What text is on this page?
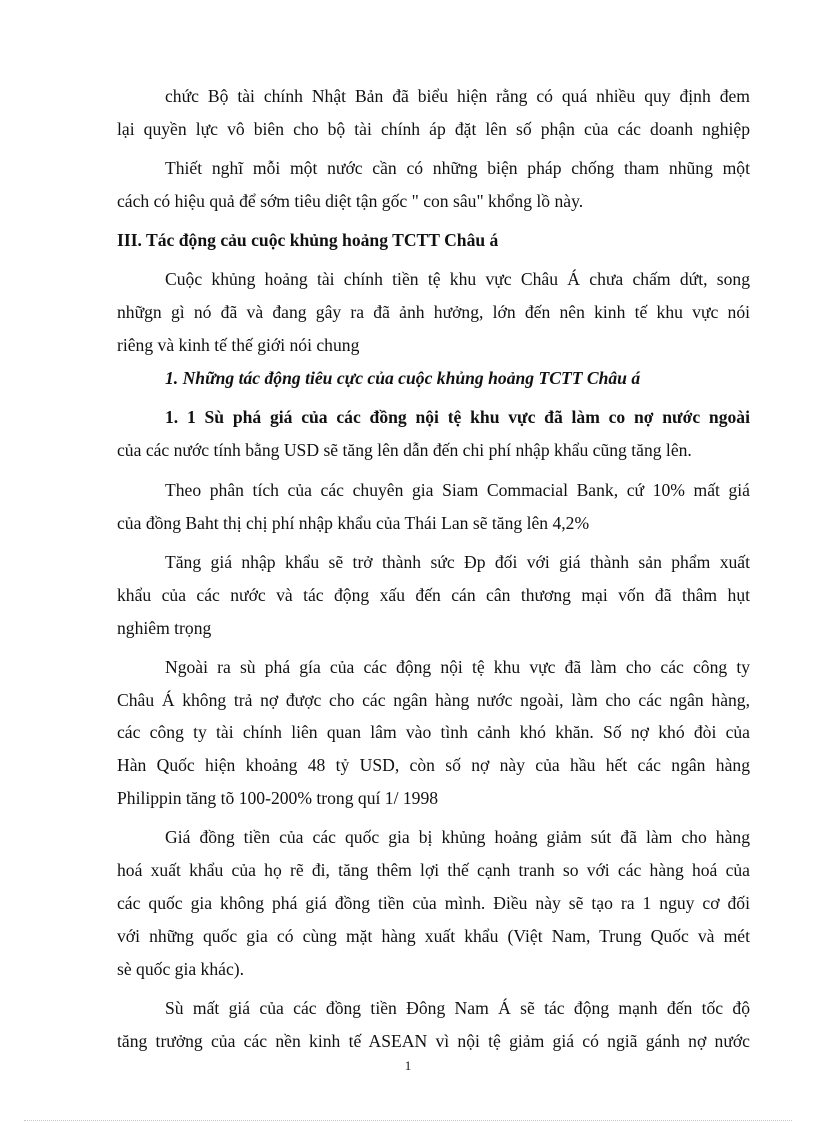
chức Bộ tài chính Nhật Bản đã biểu hiện rằng có quá nhiều quy định đem
lại quyền lực vô biên cho bộ tài chính áp đặt lên số phận của các doanh nghiệp
Thiết nghĩ mỗi một nước cần có những biện pháp chống tham nhũng một
cách có hiệu quả để sớm tiêu diệt tận gốc " con sâu" khổng lồ này.
III. Tác động cảu cuộc khủng hoảng TCTT Châu á
Cuộc khủng hoảng tài chính tiền tệ khu vực Châu Á chưa chấm dứt, song
nhữgn gì nó đã và đang gây ra đã ảnh hưởng, lớn đến nên kinh tế khu vực nói
riêng và kinh tế thế giới nói chung
1. Những tác động tiêu cực của cuộc khủng hoảng TCTT Châu á
1. 1 Sù phá giá của các đồng nội tệ khu vực đã làm co nợ nước ngoài
của các nước tính bằng USD sẽ tăng lên dẫn đến chi phí nhập khẩu cũng tăng lên.
Theo phân tích của các chuyên gia Siam Commacial Bank, cứ 10% mất giá
của đồng Baht thị chị phí nhập khẩu của Thái Lan sẽ tăng lên 4,2%
Tăng giá nhập khẩu sẽ trở thành sức Ðp đối với giá thành sản phẩm xuất
khẩu của các nước và tác động xấu đến cán cân thương mại vốn đã thâm hụt
nghiêm trọng
Ngoài ra sù phá gía của các động nội tệ khu vực đã làm cho các công ty
Châu Á không trả nợ được cho các ngân hàng nước ngoài, làm cho các ngân hàng,
các công ty tài chính liên quan lâm vào tình cảnh khó khăn. Số nợ khó đòi của
Hàn Quốc hiện khoảng 48 tỷ USD, còn số nợ này của hầu hết các ngân hàng
Philippin tăng tõ 100-200% trong quí 1/ 1998
Giá đồng tiền của các quốc gia bị khủng hoảng giảm sút đã làm cho hàng
hoá xuất khẩu của họ rẽ đi, tăng thêm lợi thế cạnh tranh so với các hàng hoá của
các quốc gia không phá giá đồng tiền của mình. Điều này sẽ tạo ra 1 nguy cơ đối
với những quốc gia có cùng mặt hàng xuất khẩu (Việt Nam, Trung Quốc và mét
sè quốc gia khác).
Sù mất giá của các đồng tiền Đông Nam Á sẽ tác động mạnh đến tốc độ
tăng trưởng của các nền kinh tế ASEAN vì nội tệ giảm giá có ngiã gánh nợ nước
1
